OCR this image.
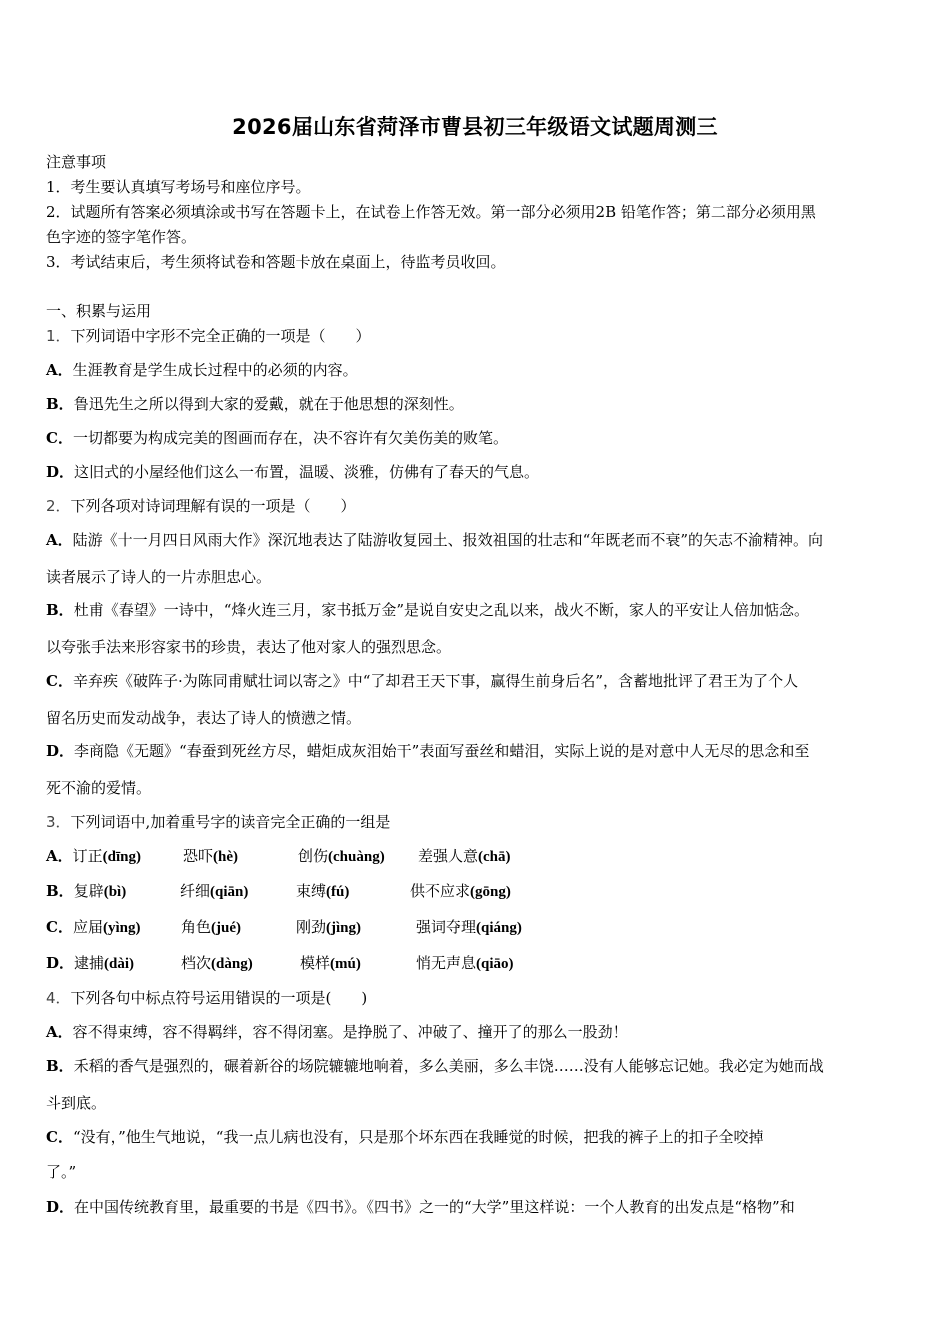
2026届山东省菏泽市曹县初三年级语文试题周测三
注意事项
1．考生要认真填写考场号和座位序号。
2．试题所有答案必须填涂或书写在答题卡上，在试卷上作答无效。第一部分必须用2B 铅笔作答；第二部分必须用黑
色字迹的签字笔作答。
3．考试结束后，考生须将试卷和答题卡放在桌面上，待监考员收回。
一、积累与运用
1．下列词语中字形不完全正确的一项是（　　）
A．生涯教育是学生成长过程中的必须的内容。
B．鲁迅先生之所以得到大家的爱戴，就在于他思想的深刻性。
C．一切都要为构成完美的图画而存在，决不容许有欠美伤美的败笔。
D．这旧式的小屋经他们这么一布置，温暖、淡雅，仿佛有了春天的气息。
2．下列各项对诗词理解有误的一项是（　　）
A．陆游《十一月四日风雨大作》深沉地表达了陆游收复园土、报效祖国的壮志和“年既老而不衰”的矢志不渝精神。向
读者展示了诗人的一片赤胆忠心。
B．杜甫《春望》一诗中，“烽火连三月，家书抵万金”是说自安史之乱以来，战火不断，家人的平安让人倍加惦念。
以夸张手法来形容家书的珍贵，表达了他对家人的强烈思念。
C．辛弃疾《破阵子·为陈同甫赋壮词以寄之》中“了却君王天下事，赢得生前身后名”，含蓄地批评了君王为了个人
留名历史而发动战争，表达了诗人的愤懑之情。
D．李商隐《无题》“春蚕到死丝方尽，蜡炬成灰泪始干”表面写蚕丝和蜡泪，实际上说的是对意中人无尽的思念和至
死不渝的爱情。
3．下列词语中,加着重号字的读音完全正确的一组是
A．订正(dīng)	恐吓(hè)	创伤(chuàng) 差强人意(chā)
B．复辟(bì)	纤细(qiān)	束缚(fú)	供不应求(gōng)
C．应届(yìng)	角色(jué)	刚劲(jìng)	强词夺理(qiáng)
D．逮捕(dài)	档次(dàng)	模样(mú)	悄无声息(qiāo)
4．下列各句中标点符号运用错误的一项是(　　)
A．容不得束缚，容不得羁绊，容不得闭塞。是挣脱了、冲破了、撞开了的那么一股劲！
B．禾稻的香气是强烈的，碾着新谷的场院辘辘地响着，多么美丽，多么丰饶……没有人能够忘记她。我必定为她而战
斗到底。
C．“没有，”他生气地说，“我一点儿病也没有，只是那个坏东西在我睡觉的时候，把我的裤子上的扣子全咬掉
了。”
D．在中国传统教育里，最重要的书是《四书》。《四书》之一的“大学”里这样说：一个人教育的出发点是“格物”和
